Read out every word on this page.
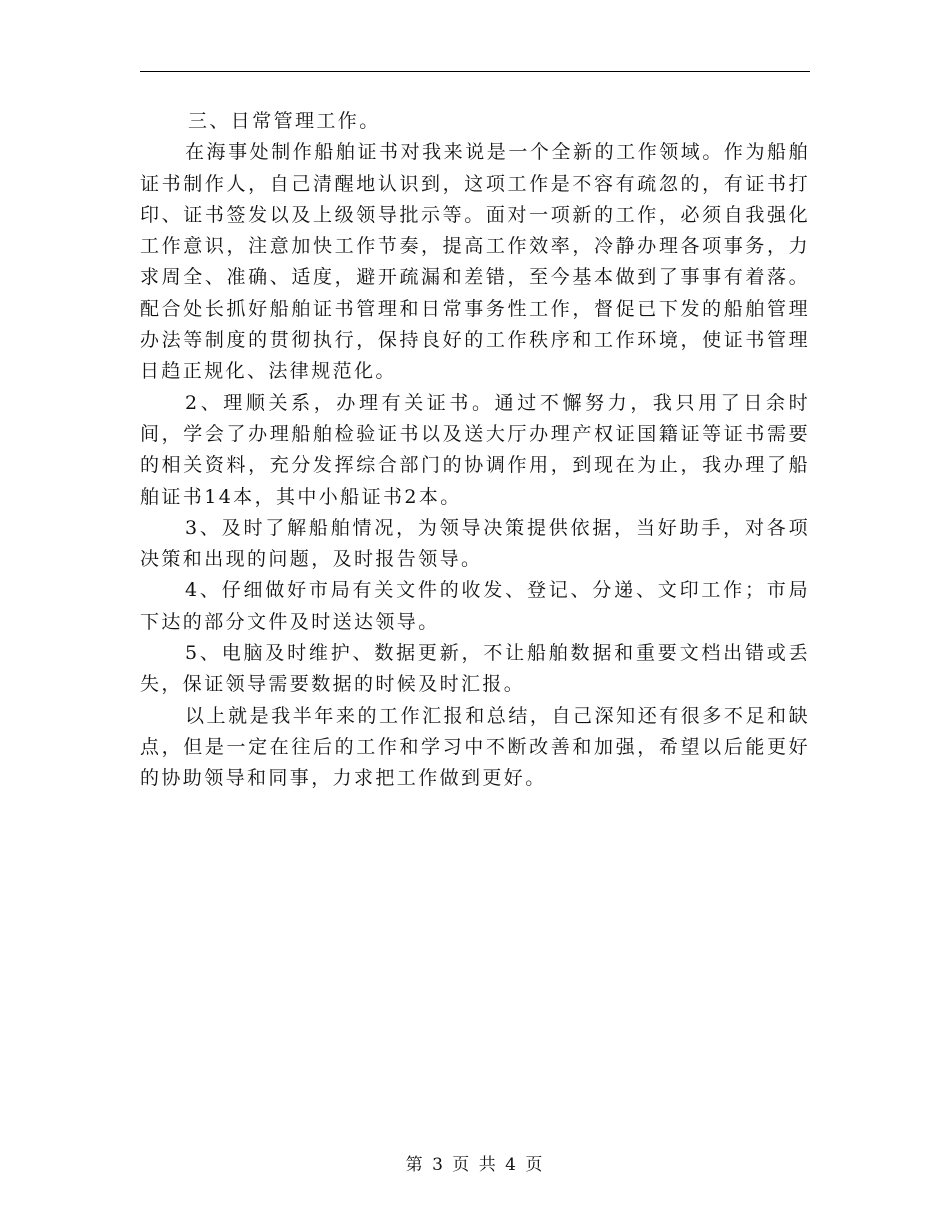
三、日常管理工作。

在海事处制作船舶证书对我来说是一个全新的工作领域。作为船舶证书制作人，自己清醒地认识到，这项工作是不容有疏忽的，有证书打印、证书签发以及上级领导批示等。面对一项新的工作，必须自我强化工作意识，注意加快工作节奏，提高工作效率，冷静办理各项事务，力求周全、准确、适度，避开疏漏和差错，至今基本做到了事事有着落。 配合处长抓好船舶证书管理和日常事务性工作，督促已下发的船舶管理办法等制度的贯彻执行，保持良好的工作秩序和工作环境，使证书管理日趋正规化、法律规范化。

2、理顺关系，办理有关证书。通过不懈努力，我只用了日余时间，学会了办理船舶检验证书以及送大厅办理产权证国籍证等证书需要的相关资料，充分发挥综合部门的协调作用，到现在为止，我办理了船舶证书14本，其中小船证书2本。

3、及时了解船舶情况，为领导决策提供依据，当好助手，对各项决策和出现的问题，及时报告领导。

4、仔细做好市局有关文件的收发、登记、分递、文印工作；市局下达的部分文件及时送达领导。

5、电脑及时维护、数据更新，不让船舶数据和重要文档出错或丢失，保证领导需要数据的时候及时汇报。

以上就是我半年来的工作汇报和总结，自己深知还有很多不足和缺点，但是一定在往后的工作和学习中不断改善和加强，希望以后能更好的协助领导和同事，力求把工作做到更好。

第 3 页 共 4 页
